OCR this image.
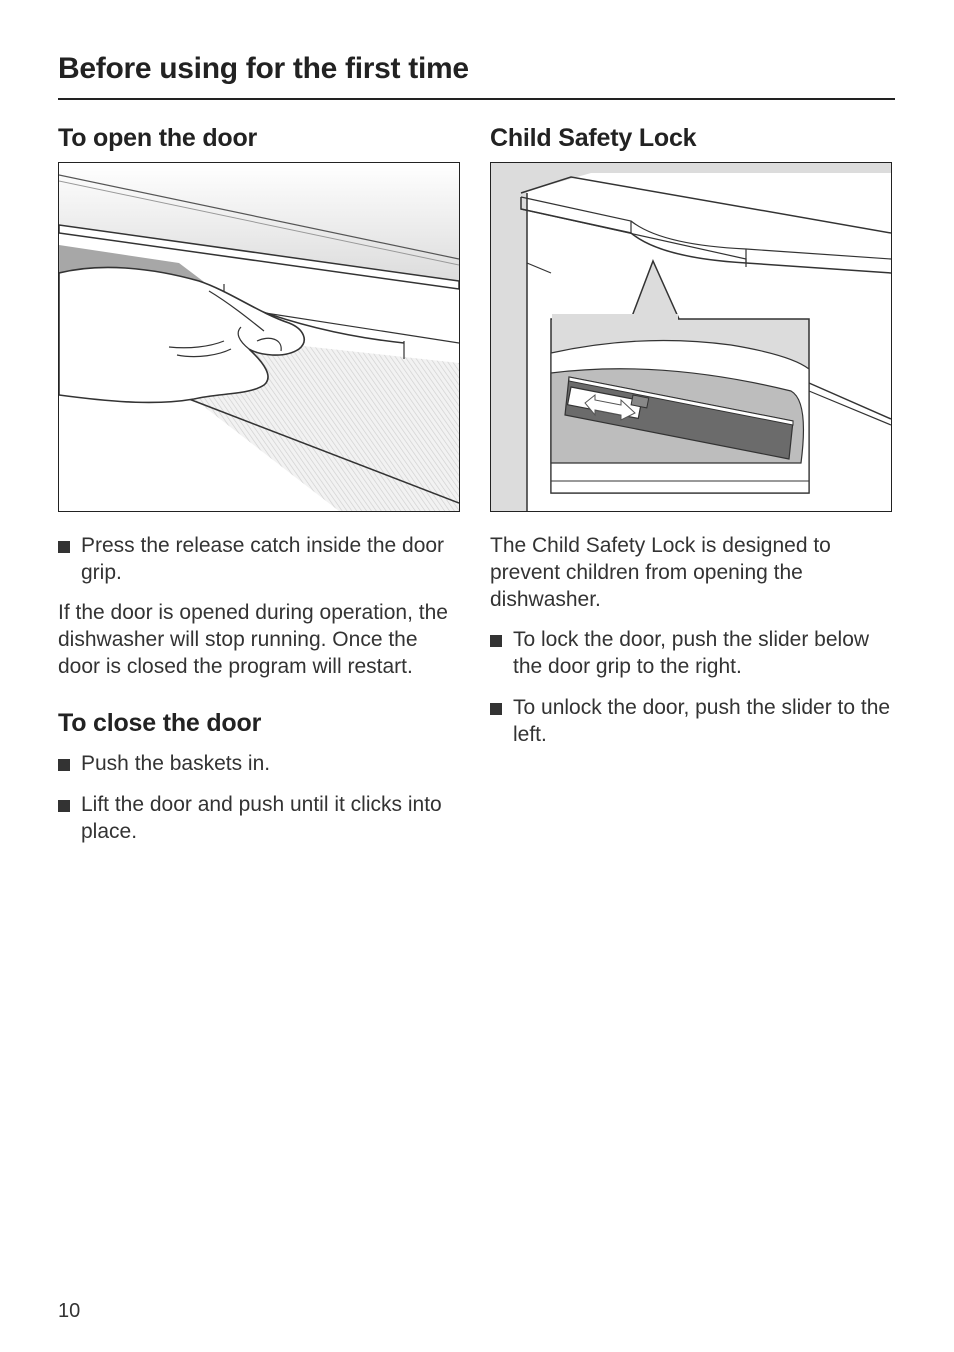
Before using for the first time
To open the door
Press the release catch inside the door grip.

If the door is opened during operation, the dishwasher will stop running. Once the door is closed the program will restart.

To close the door
Push the baskets in.
Lift the door and push until it clicks into place.
Child Safety Lock

The Child Safety Lock is designed to prevent children from opening the dishwasher.

To lock the door, push the slider below the door grip to the right.
To unlock the door, push the slider to the left.
10
